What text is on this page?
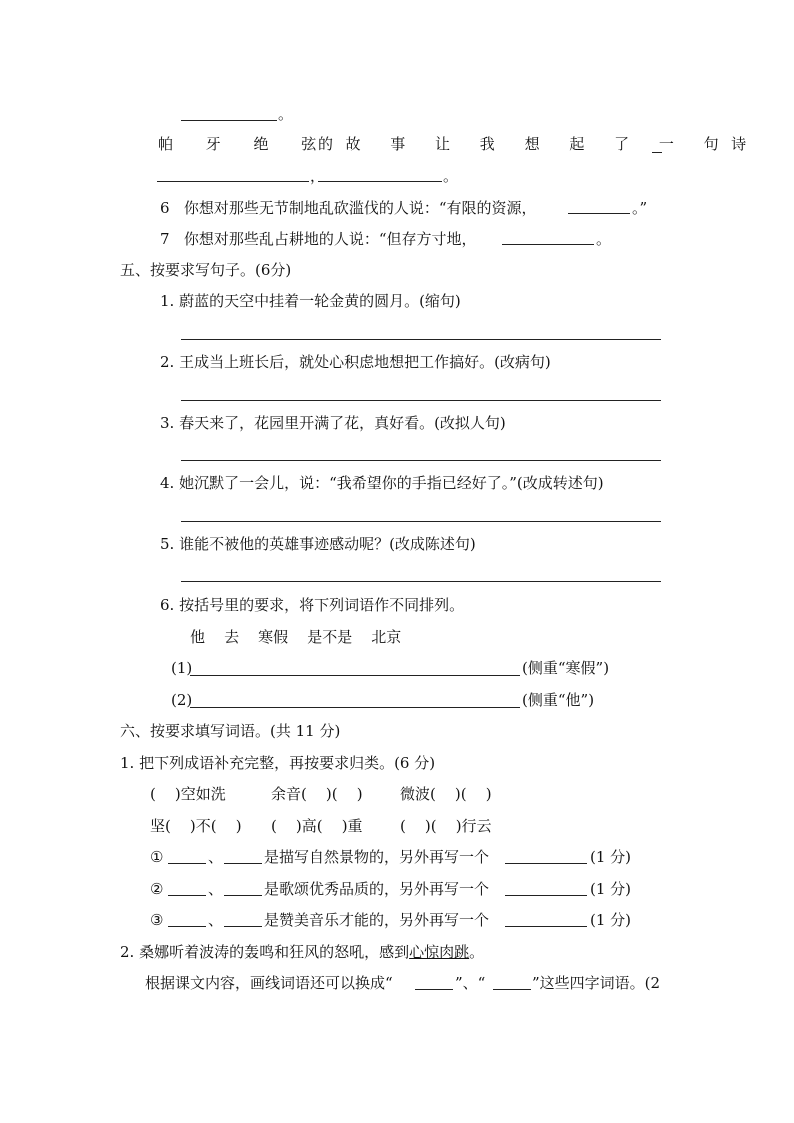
。
帕 牙 绝 弦
的故 事 让 我 想 起 了 一 句诗
，	。
6   你想对那些无节制地乱砍滥伐的人说：“有限的资源，	。”
7   你想对那些乱占耕地的人说：“但存方寸地，	。
五、按要求写句子。(6分)
1. 蔚蓝的天空中挂着一轮金黄的圆月。(缩句)
2. 王成当上班长后，就处心积虑地想把工作搞好。(改病句)
3. 春天来了，花园里开满了花，真好看。(改拟人句)
4. 她沉默了一会儿，说：“我希望你的手指已经好了。”(改成转述句)
5. 谁能不被他的英雄事迹感动呢？(改成陈述句)
6. 按括号里的要求，将下列词语作不同排列。
他    去    寒假    是不是    北京
(1)	(侧重“寒假”)
(2)	(侧重“他”)
六、按要求填写词语。(共 11 分)
1. 把下列成语补充完整，再按要求归类。(6 分)
(    )空如洗	余音(    )(    ) 微波(    )(    )
坚(    )不(    ) (    )高(    )重 (    )(    )行云
①	、	是描写自然景物的，另外再写一个	(1 分)
②	、	是歌颂优秀品质的，另外再写一个	(1 分)
③	、	是赞美音乐才能的，另外再写一个	(1 分)
2. 桑娜听着波涛的轰鸣和狂风的怒吼，感到心惊肉跳。
根据课文内容，画线词语还可以换成“	”、“	”这些四字词语。(2
